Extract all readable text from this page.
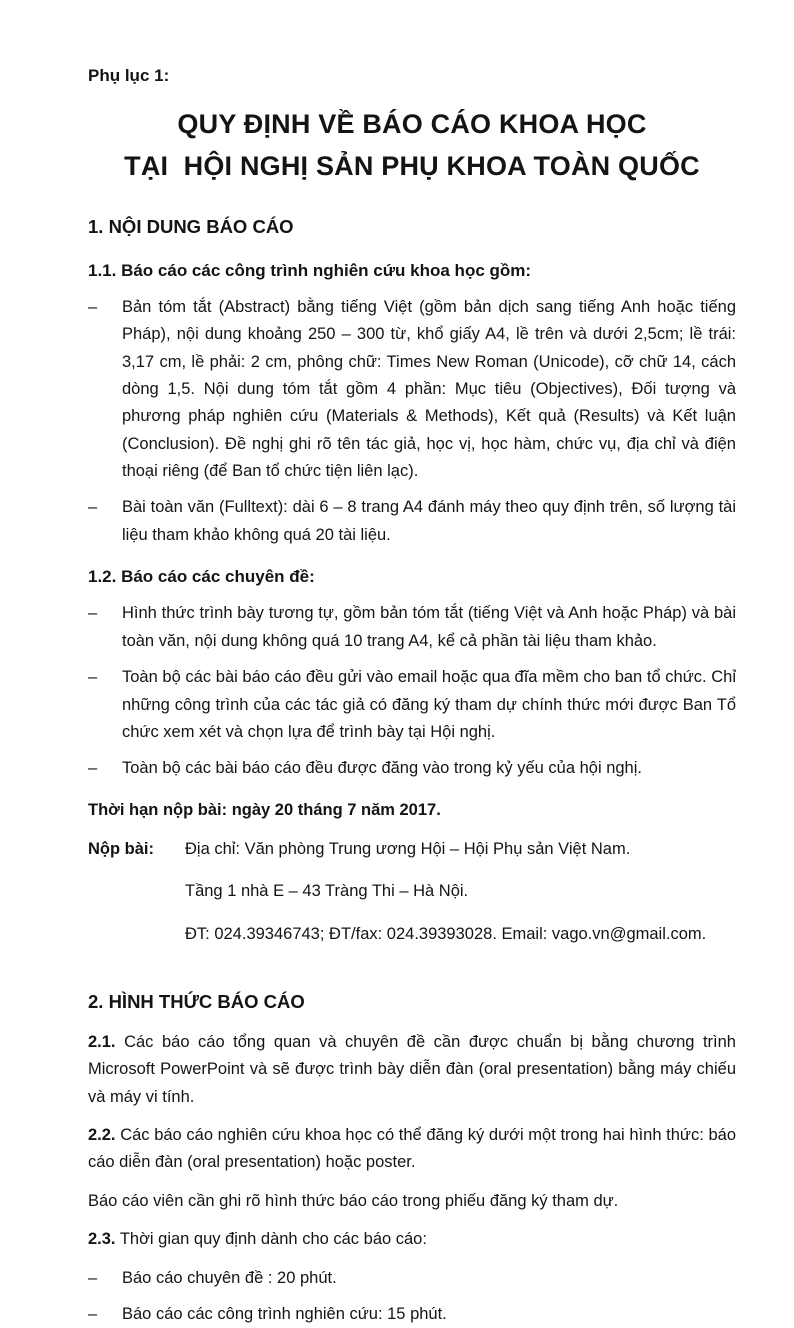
Phụ lục 1:

QUY ĐỊNH VỀ BÁO CÁO KHOA HỌC
TẠI  HỘI NGHỊ SẢN PHỤ KHOA TOÀN QUỐC
1. NỘI DUNG BÁO CÁO
1.1. Báo cáo các công trình nghiên cứu khoa học gồm:
–	Bản tóm tắt (Abstract) bằng tiếng Việt (gồm bản dịch sang tiếng Anh hoặc tiếng Pháp), nội dung khoảng 250 – 300 từ, khổ giấy A4, lề trên và dưới 2,5cm; lề trái: 3,17 cm, lề phải: 2 cm, phông chữ: Times New Roman (Unicode), cỡ chữ 14, cách dòng 1,5. Nội dung tóm tắt gồm 4 phần: Mục tiêu (Objectives), Đối tượng và phương pháp nghiên cứu (Materials & Methods), Kết quả (Results) và Kết luận (Conclusion). Đề nghị ghi rõ tên tác giả, học vị, học hàm, chức vụ, địa chỉ và điện thoại riêng (để Ban tổ chức tiện liên lạc).

–	Bài toàn văn (Fulltext): dài 6 – 8 trang A4 đánh máy theo quy định trên, số lượng tài liệu tham khảo không quá 20 tài liệu.

1.2. Báo cáo các chuyên đề:
–	Hình thức trình bày tương tự, gồm bản tóm tắt (tiếng Việt và Anh hoặc Pháp) và bài toàn văn, nội dung không quá 10 trang A4, kể cả phần tài liệu tham khảo.

–	Toàn bộ các bài báo cáo đều gửi vào email hoặc qua đĩa mềm cho ban tổ chức. Chỉ những công trình của các tác giả có đăng ký tham dự chính thức mới được Ban Tổ chức xem xét và chọn lựa để trình bày tại Hội nghị.

–	Toàn bộ các bài báo cáo đều được đăng vào trong kỷ yếu của hội nghị.

Thời hạn nộp bài: ngày 20 tháng 7 năm 2017.

Nộp bài:	Địa chỉ: Văn phòng Trung ương Hội – Hội Phụ sản Việt Nam.

Tầng 1 nhà E – 43 Tràng Thi – Hà Nội.

ĐT: 024.39346743; ĐT/fax: 024.39393028. Email: vago.vn@gmail.com.

2. HÌNH THỨC BÁO CÁO

2.1. Các báo cáo tổng quan và chuyên đề cần được chuẩn bị bằng chương trình Microsoft PowerPoint và sẽ được trình bày diễn đàn (oral presentation) bằng máy chiếu và máy vi tính.

2.2. Các báo cáo nghiên cứu khoa học có thể đăng ký dưới một trong hai hình thức: báo cáo diễn đàn (oral presentation) hoặc poster.

Báo cáo viên cần ghi rõ hình thức báo cáo trong phiếu đăng ký tham dự.

2.3. Thời gian quy định dành cho các báo cáo:

–	Báo cáo chuyên đề : 20 phút.

–	Báo cáo các công trình nghiên cứu: 15 phút.
